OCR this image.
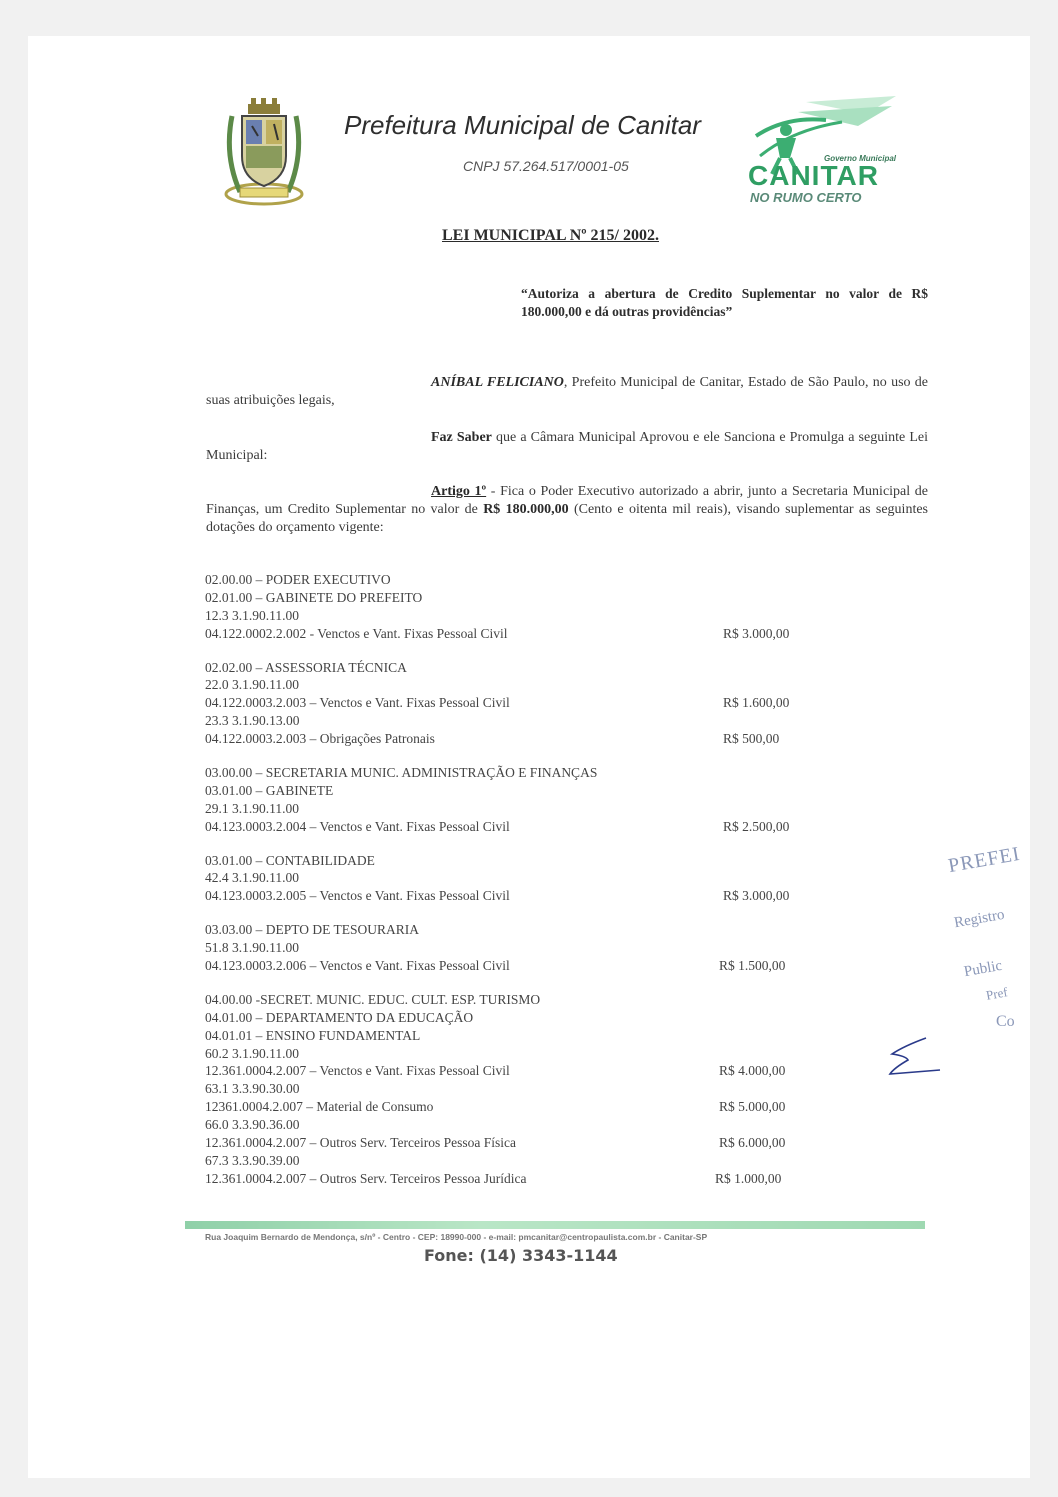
Prefeitura Municipal de Canitar
CNPJ 57.264.517/0001-05	Governo Municipal
CANITAR
NO RUMO CERTO
LEI MUNICIPAL Nº 215/ 2002.
“Autoriza a abertura de Credito Suplementar no valor de R$ 180.000,00 e dá outras providências”
ANÍBAL FELICIANO, Prefeito Municipal de Canitar, Estado de São Paulo, no uso de suas atribuições legais,
Faz Saber que a Câmara Municipal Aprovou e ele Sanciona e Promulga a seguinte Lei Municipal:
Artigo 1º - Fica o Poder Executivo autorizado a abrir, junto a Secretaria Municipal de Finanças, um Credito Suplementar no valor de R$ 180.000,00 (Cento e oitenta mil reais), visando suplementar as seguintes dotações do orçamento vigente:
02.00.00 – PODER EXECUTIVO
02.01.00 – GABINETE DO PREFEITO
12.3 3.1.90.11.00
04.122.0002.2.002 - Venctos e Vant. Fixas Pessoal Civil	R$ 3.000,00
02.02.00 – ASSESSORIA TÉCNICA
22.0 3.1.90.11.00
04.122.0003.2.003 – Venctos e Vant. Fixas Pessoal Civil	R$ 1.600,00
23.3 3.1.90.13.00
04.122.0003.2.003 – Obrigações Patronais	R$ 500,00
03.00.00 – SECRETARIA MUNIC. ADMINISTRAÇÃO E FINANÇAS
03.01.00 – GABINETE
29.1 3.1.90.11.00
04.123.0003.2.004 – Venctos e Vant. Fixas Pessoal Civil	R$ 2.500,00
03.01.00 – CONTABILIDADE
42.4 3.1.90.11.00
04.123.0003.2.005 – Venctos e Vant. Fixas Pessoal Civil	R$ 3.000,00
03.03.00 – DEPTO DE TESOURARIA
51.8 3.1.90.11.00
04.123.0003.2.006 – Venctos e Vant. Fixas Pessoal Civil	R$ 1.500,00
04.00.00 -SECRET. MUNIC. EDUC. CULT. ESP. TURISMO
04.01.00 – DEPARTAMENTO DA EDUCAÇÃO
04.01.01 – ENSINO FUNDAMENTAL
60.2 3.1.90.11.00
12.361.0004.2.007 – Venctos e Vant. Fixas Pessoal Civil	R$ 4.000,00
63.1 3.3.90.30.00
12361.0004.2.007 – Material de Consumo	R$ 5.000,00
66.0 3.3.90.36.00
12.361.0004.2.007 – Outros Serv. Terceiros Pessoa Física	R$ 6.000,00
67.3 3.3.90.39.00
12.361.0004.2.007 – Outros Serv. Terceiros Pessoa Jurídica	R$ 1.000,00
PREFEI
Registro
Public
Pref
Co
Rua Joaquim Bernardo de Mendonça, s/nº - Centro - CEP: 18990-000 - e-mail: pmcanitar@centropaulista.com.br - Canitar-SP
Fone: (14) 3343-1144
